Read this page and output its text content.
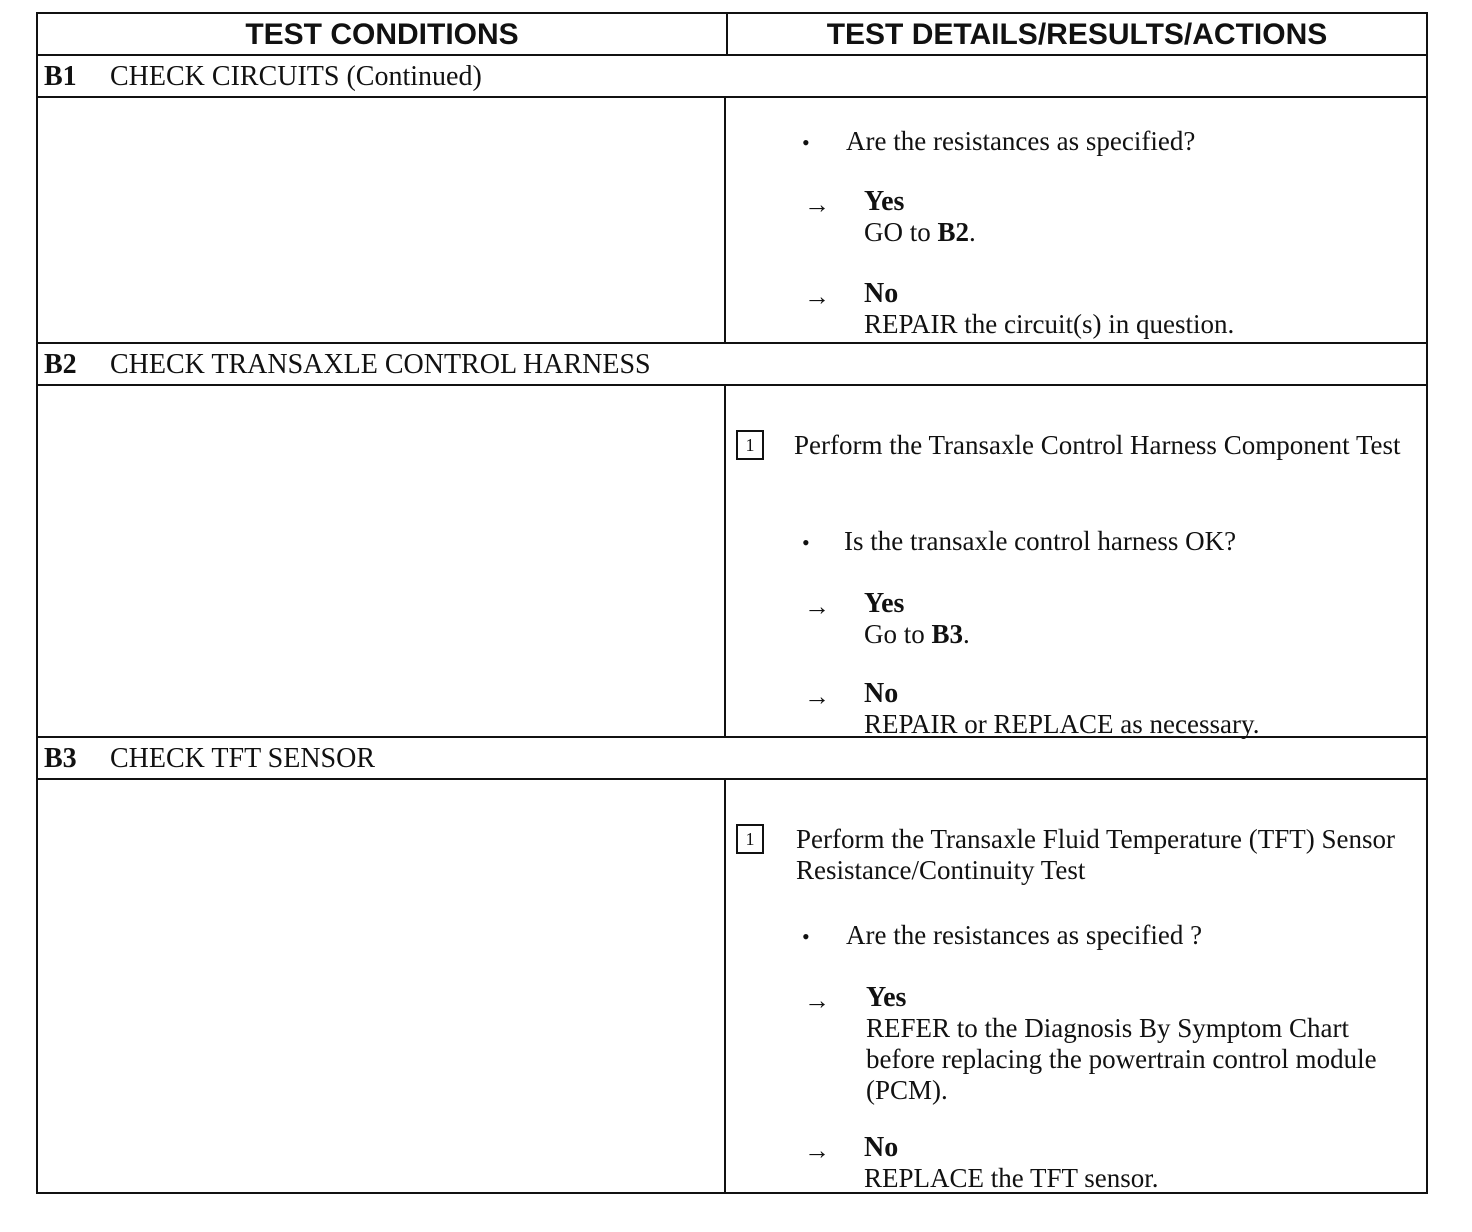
TEST CONDITIONS	TEST DETAILS/RESULTS/ACTIONS
B1 CHECK CIRCUITS (Continued)
• Are the resistances as specified?
→ Yes
GO to B2.
→ No
REPAIR the circuit(s) in question.
B2 CHECK TRANSAXLE CONTROL HARNESS
1	Perform the Transaxle Control Harness Component Test
• Is the transaxle control harness OK?
→ Yes
Go to B3.
→ No
REPAIR or REPLACE as necessary.
B3 CHECK TFT SENSOR
1	Perform the Transaxle Fluid Temperature (TFT) Sensor Resistance/Continuity Test
• Are the resistances as specified ?
→ Yes
REFER to the Diagnosis By Symptom Chart before replacing the powertrain control module (PCM).
→ No
REPLACE the TFT sensor.
